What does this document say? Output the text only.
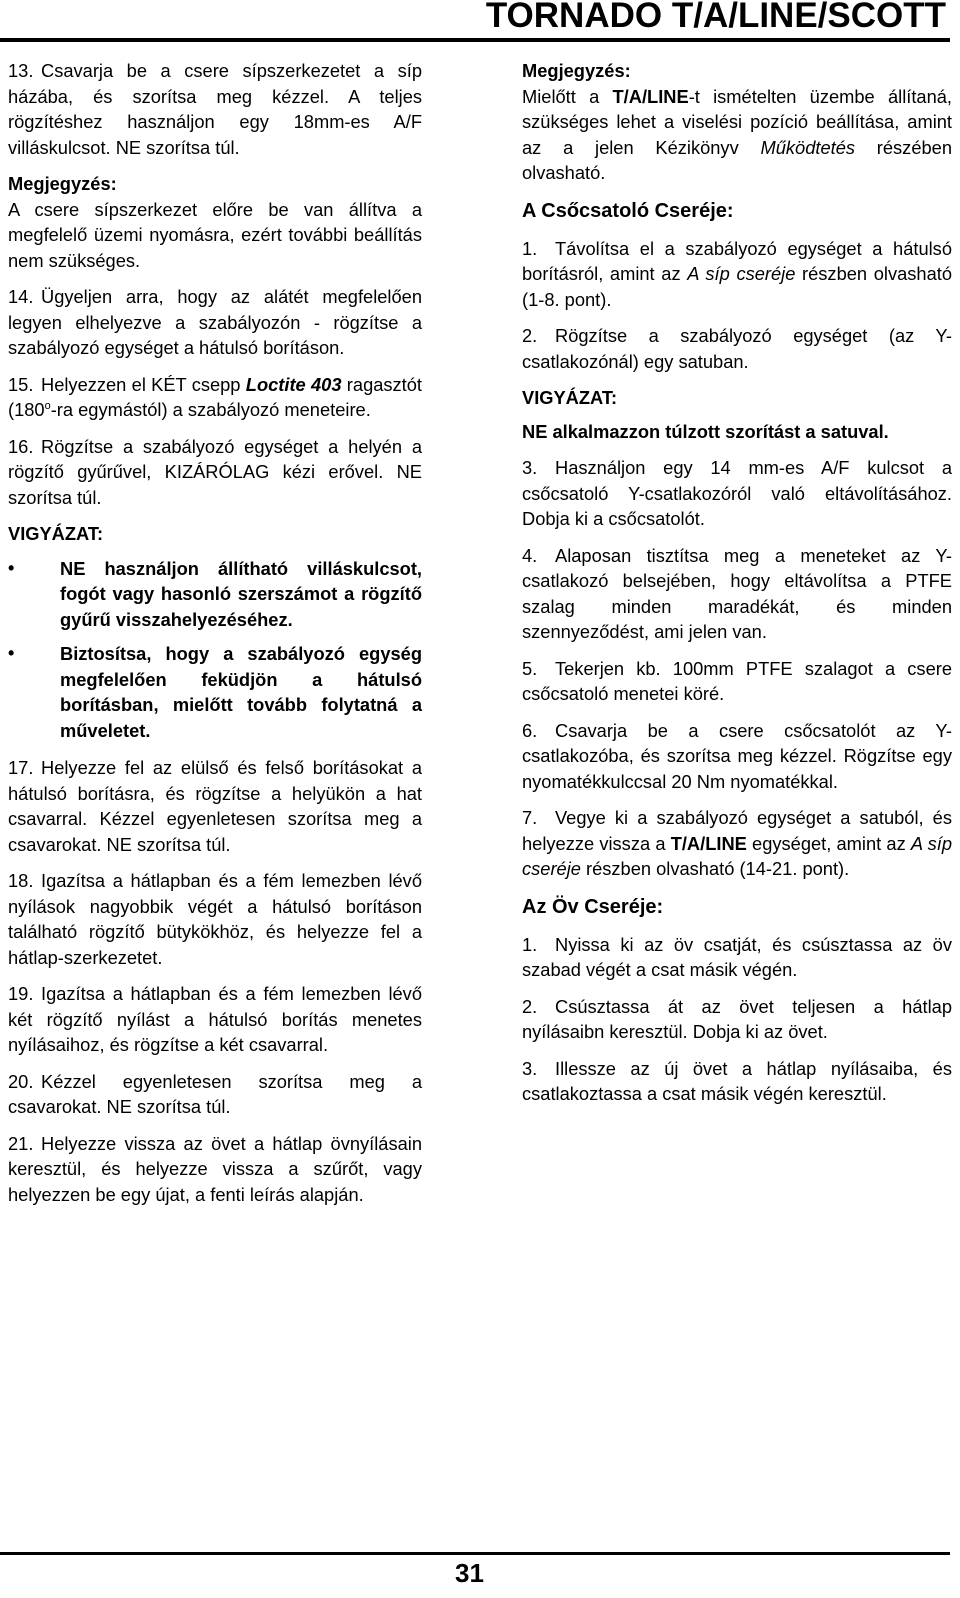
TORNADO T/A/LINE/SCOTT

13. Csavarja be a csere sípszerkezetet a síp házába, és szorítsa meg kézzel. A teljes rögzítéshez használjon egy 18mm-es A/F villáskulcsot. NE szorítsa túl.

Megjegyzés:

A csere sípszerkezet előre be van állítva a megfelelő üzemi nyomásra, ezért további beállítás nem szükséges.

14. Ügyeljen arra, hogy az alátét megfelelően legyen elhelyezve a szabályozón - rögzítse a szabályozó egységet a hátulsó borításon.

15. Helyezzen el KÉT csepp Loctite 403 ragasztót (180$^o$-ra egymástól) a szabályozó meneteire.

16. Rögzítse a szabályozó egységet a helyén a rögzítő gyűrűvel, KIZÁRÓLAG kézi erővel. NE szorítsa túl.

VIGYÁZAT:

• NE használjon állítható villáskulcsot, fogót vagy hasonló szerszámot a rögzítő gyűrű visszahelyezéséhez.

• Biztosítsa, hogy a szabályozó egység megfelelően feküdjön a hátulsó borításban, mielőtt tovább folytatná a műveletet.

17. Helyezze fel az elülső és felső borításokat a hátulsó borításra, és rögzítse a helyükön a hat csavarral. Kézzel egyenletesen szorítsa meg a csavarokat. NE szorítsa túl.

18. Igazítsa a hátlapban és a fém lemezben lévő nyílások nagyobbik végét a hátulsó borításon található rögzítő bütykökhöz, és helyezze fel a hátlap-szerkezetet.

19. Igazítsa a hátlapban és a fém lemezben lévő két rögzítő nyílást a hátulsó borítás menetes nyílásaihoz, és rögzítse a két csavarral.

20. Kézzel egyenletesen szorítsa meg a csavarokat. NE szorítsa túl.

21. Helyezze vissza az övet a hátlap övnyílásain keresztül, és helyezze vissza a szűrőt, vagy helyezzen be egy újat, a fenti leírás alapján.

Megjegyzés:

Mielőtt a T/A/LINE-t ismételten üzembe állítaná, szükséges lehet a viselési pozíció beállítása, amint az a jelen Kézikönyv Működtetés részében olvasható.

A Csőcsatoló Cseréje:

1. Távolítsa el a szabályozó egységet a hátulsó borításról, amint az A síp cseréje részben olvasható (1-8. pont).

2. Rögzítse a szabályozó egységet (az Y-csatlakozónál) egy satuban.

VIGYÁZAT:

NE alkalmazzon túlzott szorítást a satuval.

3. Használjon egy 14 mm-es A/F kulcsot a csőcsatoló Y-csatlakozóról való eltávolításához. Dobja ki a csőcsatolót.

4. Alaposan tisztítsa meg a meneteket az Y-csatlakozó belsejében, hogy eltávolítsa a PTFE szalag minden maradékát, és minden szennyeződést, ami jelen van.

5. Tekerjen kb. 100mm PTFE szalagot a csere csőcsatoló menetei köré.

6. Csavarja be a csere csőcsatolót az Y-csatlakozóba, és szorítsa meg kézzel. Rögzítse egy nyomatékkulccsal 20 Nm nyomatékkal.

7. Vegye ki a szabályozó egységet a satuból, és helyezze vissza a T/A/LINE egységet, amint az A síp cseréje részben olvasható (14-21. pont).

Az Öv Cseréje:

1. Nyissa ki az öv csatját, és csúsztassa az öv szabad végét a csat másik végén.

2. Csúsztassa át az övet teljesen a hátlap nyílásaibn keresztül. Dobja ki az övet.

3. Illessze az új övet a hátlap nyílásaiba, és csatlakoztassa a csat másik végén keresztül.

31
